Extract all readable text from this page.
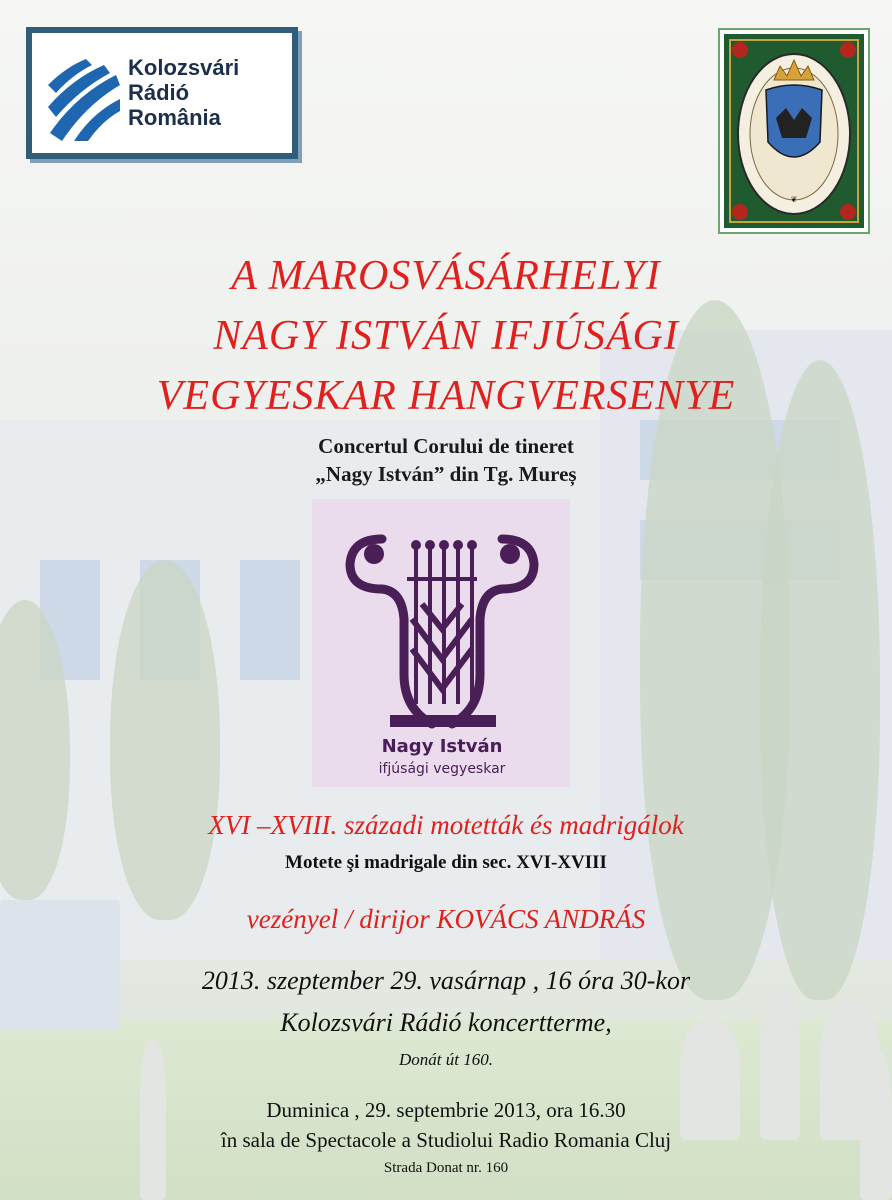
Kolozsvári
Rádió
România
❦
A MAROSVÁSÁRHELYI
NAGY ISTVÁN IFJÚSÁGI
VEGYESKAR HANGVERSENYE
Concertul Corului de tineret
„Nagy István” din Tg. Mureș
Nagy István
ifjúsági vegyeskar
XVI –XVIII. századi motetták és madrigálok
Motete şi madrigale din sec. XVI-XVIII
vezényel / dirijor KOVÁCS ANDRÁS
2013. szeptember 29. vasárnap , 16 óra 30-kor
Kolozsvári Rádió koncertterme,
Donát út 160.
Duminica , 29. septembrie 2013, ora 16.30
în sala de Spectacole a Studiolui Radio Romania Cluj
Strada Donat nr. 160
